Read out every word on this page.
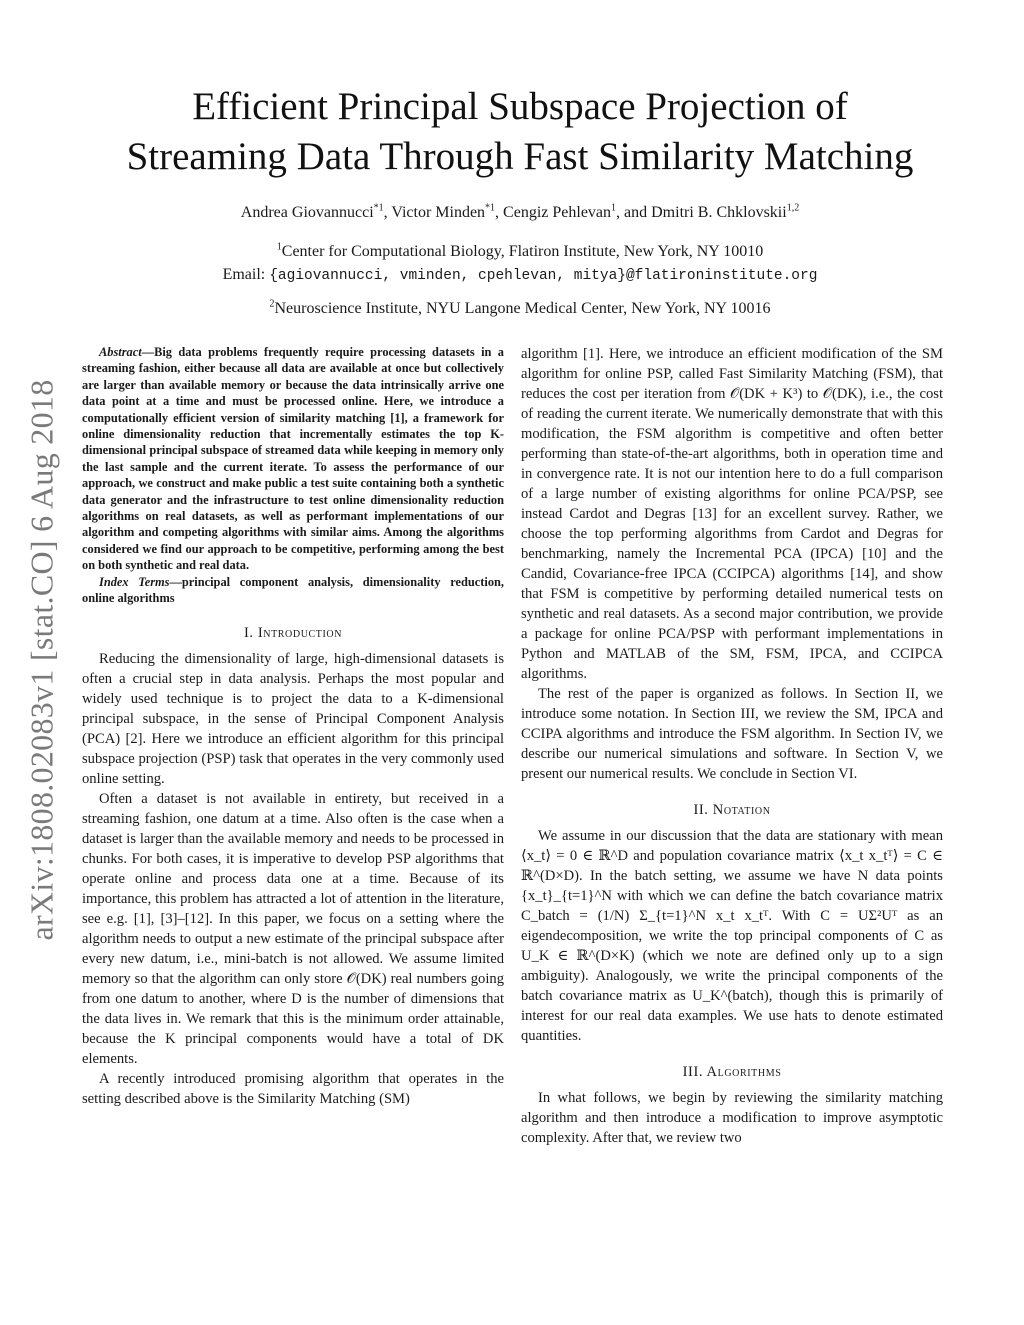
arXiv:1808.02083v1 [stat.CO] 6 Aug 2018
Efficient Principal Subspace Projection of
Streaming Data Through Fast Similarity Matching
Andrea Giovannucci$^{*1}$, Victor Minden$^{*1}$, Cengiz Pehlevan$^1$, and Dmitri B. Chklovskii$^{1,2}$
$^1$Center for Computational Biology, Flatiron Institute, New York, NY 10010
Email: {agiovannucci, vminden, cpehlevan, mitya}@flatironinstitute.org
$^2$Neuroscience Institute, NYU Langone Medical Center, New York, NY 10016

Abstract—Big data problems frequently require processing datasets in a streaming fashion, either because all data are available at once but collectively are larger than available memory or because the data intrinsically arrive one data point at a time and must be processed online. Here, we introduce a computationally efficient version of similarity matching [1], a framework for online dimensionality reduction that incrementally estimates the top K-dimensional principal subspace of streamed data while keeping in memory only the last sample and the current iterate. To assess the performance of our approach, we construct and make public a test suite containing both a synthetic data generator and the infrastructure to test online dimensionality reduction algorithms on real datasets, as well as performant implementations of our algorithm and competing algorithms with similar aims. Among the algorithms considered we find our approach to be competitive, performing among the best on both synthetic and real data.

Index Terms—principal component analysis, dimensionality reduction, online algorithms

I. Introduction

Reducing the dimensionality of large, high-dimensional datasets is often a crucial step in data analysis. Perhaps the most popular and widely used technique is to project the data to a K-dimensional principal subspace, in the sense of Principal Component Analysis (PCA) [2]. Here we introduce an efficient algorithm for this principal subspace projection (PSP) task that operates in the very commonly used online setting.

Often a dataset is not available in entirety, but received in a streaming fashion, one datum at a time. Also often is the case when a dataset is larger than the available memory and needs to be processed in chunks. For both cases, it is imperative to develop PSP algorithms that operate online and process data one at a time. Because of its importance, this problem has attracted a lot of attention in the literature, see e.g. [1], [3]–[12]. In this paper, we focus on a setting where the algorithm needs to output a new estimate of the principal subspace after every new datum, i.e., mini-batch is not allowed. We assume limited memory so that the algorithm can only store 𝒪(DK) real numbers going from one datum to another, where D is the number of dimensions that the data lives in. We remark that this is the minimum order attainable, because the K principal components would have a total of DK elements.

A recently introduced promising algorithm that operates in the setting described above is the Similarity Matching (SM)

algorithm [1]. Here, we introduce an efficient modification of the SM algorithm for online PSP, called Fast Similarity Matching (FSM), that reduces the cost per iteration from 𝒪(DK + K³) to 𝒪(DK), i.e., the cost of reading the current iterate. We numerically demonstrate that with this modification, the FSM algorithm is competitive and often better performing than state-of-the-art algorithms, both in operation time and in convergence rate. It is not our intention here to do a full comparison of a large number of existing algorithms for online PCA/PSP, see instead Cardot and Degras [13] for an excellent survey. Rather, we choose the top performing algorithms from Cardot and Degras for benchmarking, namely the Incremental PCA (IPCA) [10] and the Candid, Covariance-free IPCA (CCIPCA) algorithms [14], and show that FSM is competitive by performing detailed numerical tests on synthetic and real datasets. As a second major contribution, we provide a package for online PCA/PSP with performant implementations in Python and MATLAB of the SM, FSM, IPCA, and CCIPCA algorithms.

The rest of the paper is organized as follows. In Section II, we introduce some notation. In Section III, we review the SM, IPCA and CCIPA algorithms and introduce the FSM algorithm. In Section IV, we describe our numerical simulations and software. In Section V, we present our numerical results. We conclude in Section VI.

II. Notation

We assume in our discussion that the data are stationary with mean ⟨x_t⟩ = 0 ∈ ℝ^D and population covariance matrix ⟨x_t x_tᵀ⟩ = C ∈ ℝ^(D×D). In the batch setting, we assume we have N data points {x_t}_{t=1}^N with which we can define the batch covariance matrix C_batch = (1/N) Σ_{t=1}^N x_t x_tᵀ. With C = UΣ²Uᵀ as an eigendecomposition, we write the top principal components of C as U_K ∈ ℝ^(D×K) (which we note are defined only up to a sign ambiguity). Analogously, we write the principal components of the batch covariance matrix as U_K^(batch), though this is primarily of interest for our real data examples. We use hats to denote estimated quantities.

III. Algorithms

In what follows, we begin by reviewing the similarity matching algorithm and then introduce a modification to improve asymptotic complexity. After that, we review two
